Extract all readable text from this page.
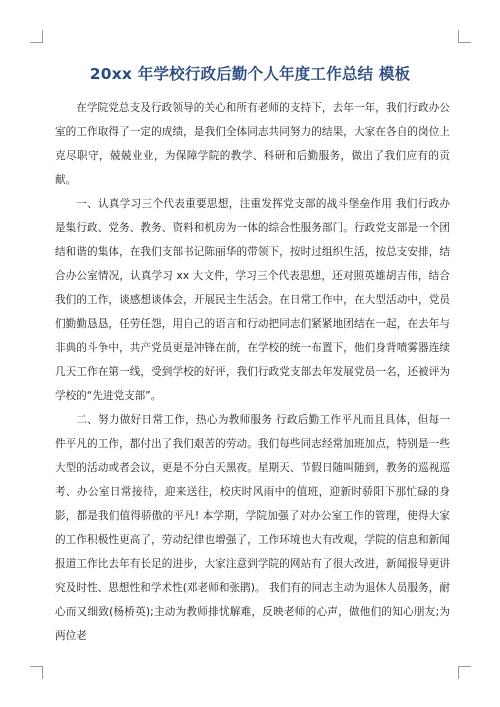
20xx 年学校行政后勤个人年度工作总结 模板

在学院党总支及行政领导的关心和所有老师的支持下，去年一年，我们行政办公室的工作取得了一定的成绩，是我们全体同志共同努力的结果，大家在各自的岗位上克尽职守，兢兢业业，为保障学院的教学、科研和后勤服务，做出了我们应有的贡献。

一、认真学习三个代表重要思想，注重发挥党支部的战斗堡垒作用 我们行政办是集行政、党务、教务、资料和机房为一体的综合性服务部门。行政党支部是一个团结和谐的集体，在我们支部书记陈丽华的带领下，按时过组织生活，按总支安排，结合办公室情况，认真学习 xx 大文件，学习三个代表思想，还对照英雄胡吉伟，结合我们的工作，谈感想谈体会，开展民主生活会。在日常工作中，在大型活动中，党员们勤勤恳恳，任劳任怨，用自己的语言和行动把同志们紧紧地团结在一起，在去年与非典的斗争中，共产党员更是冲锋在前，在学校的统一布置下，他们身背喷雾器连续几天工作在第一线，受到学校的好评，我们行政党支部去年发展党员一名，还被评为学校的“先进党支部”。

二、努力做好日常工作，热心为教师服务 行政后勤工作平凡而且具体，但每一件平凡的工作，都付出了我们艰苦的劳动。我们每些同志经常加班加点，特别是一些大型的活动或者会议，更是不分白天黑夜。星期天、节假日随叫随到，教务的巡视巡考、办公室日常接待，迎来送往，校庆时风雨中的值班，迎新时骄阳下那忙碌的身影，都是我们值得骄傲的平凡! 本学期，学院加强了对办公室工作的管理，使得大家的工作积极性更高了，劳动纪律也增强了，工作环境也大有改观，学院的信息和新闻报道工作比去年有长足的进步，大家注意到学院的网站有了很大改进，新闻报导更讲究及时性、思想性和学术性(邓老师和张鹃)。 我们有的同志主动为退休人员服务，耐心而又细致(杨桥英);主动为教师排忧解难，反映老师的心声，做他们的知心朋友;为两位老
